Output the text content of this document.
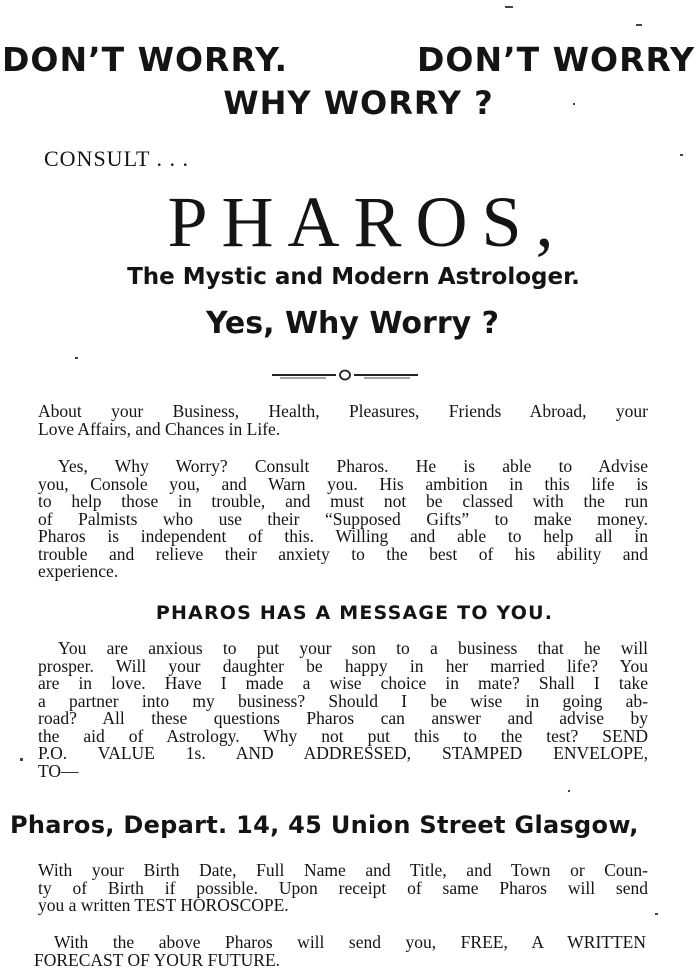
DON’T WORRY.	DON’T WORRY
WHY WORRY ?
CONSULT . . .
PHAROS,
The Mystic and Modern Astrologer.
Yes, Why Worry ?
About your Business, Health, Pleasures, Friends Abroad, your
Love Affairs, and Chances in Life.
Yes, Why Worry? Consult Pharos. He is able to Advise
you, Console you, and Warn you. His ambition in this life is
to help those in trouble, and must not be classed with the run
of Palmists who use their “Supposed Gifts” to make money.
Pharos is independent of this. Willing and able to help all in
trouble and relieve their anxiety to the best of his ability and
experience.
PHAROS HAS A MESSAGE TO YOU.
You are anxious to put your son to a business that he will
prosper. Will your daughter be happy in her married life? You
are in love. Have I made a wise choice in mate? Shall I take
a partner into my business? Should I be wise in going ab-
road? All these questions Pharos can answer and advise by
the aid of Astrology. Why not put this to the test? SEND
P.O. VALUE 1s. AND ADDRESSED, STAMPED ENVELOPE,
TO—
Pharos, Depart. 14, 45 Union Street Glasgow,
With your Birth Date, Full Name and Title, and Town or Coun-
ty of Birth if possible. Upon receipt of same Pharos will send
you a written TEST HOROSCOPE.
With the above Pharos will send you, FREE, A WRITTEN
FORECAST OF YOUR FUTURE.
